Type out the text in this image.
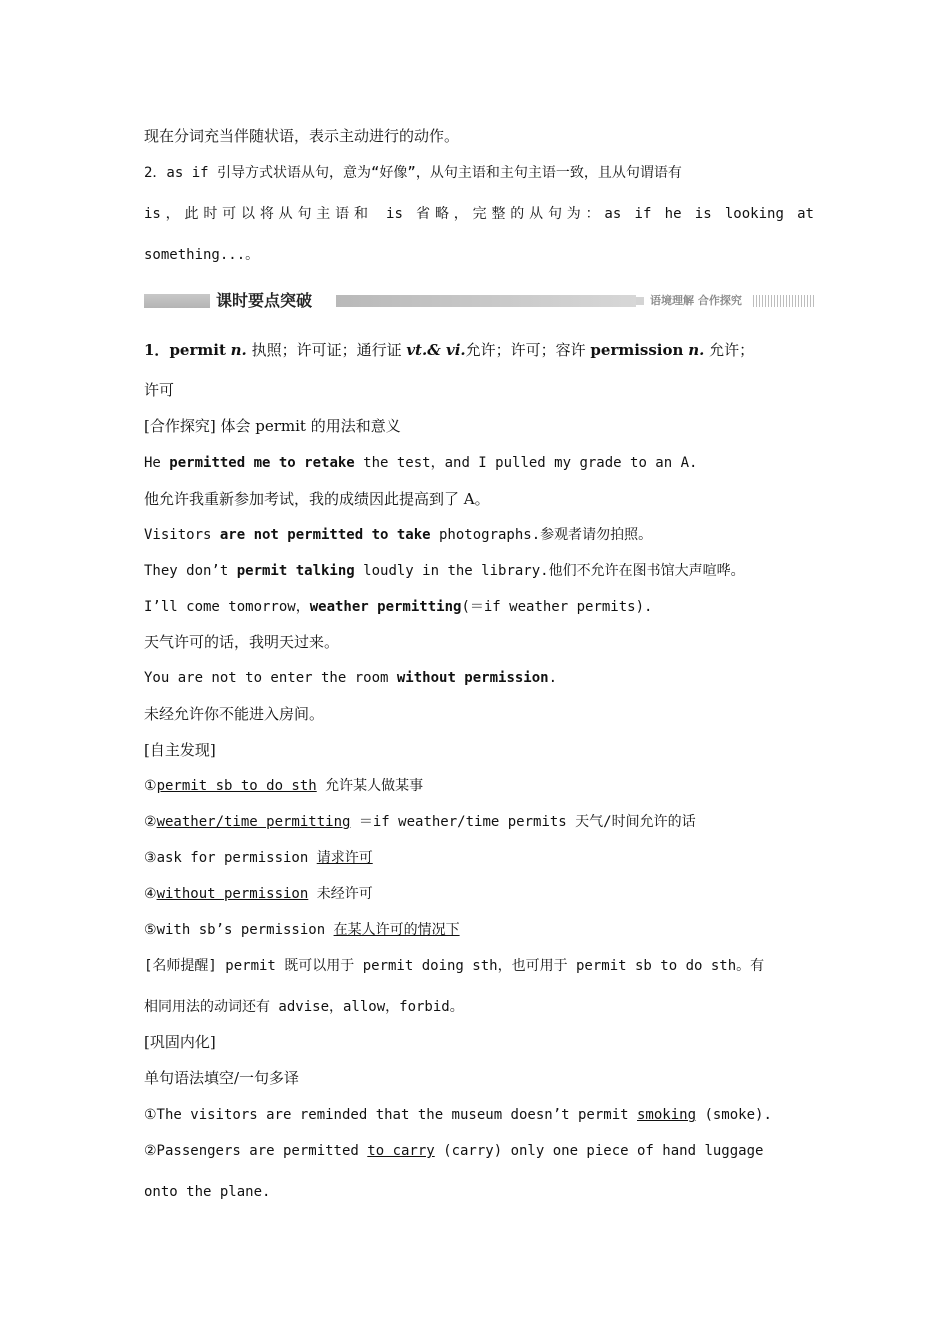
现在分词充当伴随状语，表示主动进行的动作。
2．as if 引导方式状语从句，意为“好像”，从句主语和主句主语一致，且从句谓语有
is，此时可以将从句主语和 is 省略，完整的从句为：as if he is looking at
something...。
课时要点突破	语境理解 合作探究
1．permit n. 执照；许可证；通行证 vt.& vi.允许；许可；容许 permission n. 允许；
许可
[合作探究] 体会 permit 的用法和意义
He permitted me to retake the test，and I pulled my grade to an A.
他允许我重新参加考试，我的成绩因此提高到了 A。
Visitors are not permitted to take photographs.参观者请勿拍照。
They don’t permit talking loudly in the library.他们不允许在图书馆大声喧哗。
I’ll come tomorrow，weather permitting(＝if weather permits).
天气许可的话，我明天过来。
You are not to enter the room without permission.
未经允许你不能进入房间。
[自主发现]
①permit sb to do sth 允许某人做某事
②weather/time permitting ＝if weather/time permits 天气/时间允许的话
③ask for permission 请求许可
④without permission 未经许可
⑤with sb’s permission 在某人许可的情况下
[名师提醒] permit 既可以用于 permit doing sth，也可用于 permit sb to do sth。有
相同用法的动词还有 advise，allow，forbid。
[巩固内化]
单句语法填空/一句多译
①The visitors are reminded that the museum doesn’t permit smoking (smoke).
②Passengers are permitted to carry (carry) only one piece of hand luggage
onto the plane.
